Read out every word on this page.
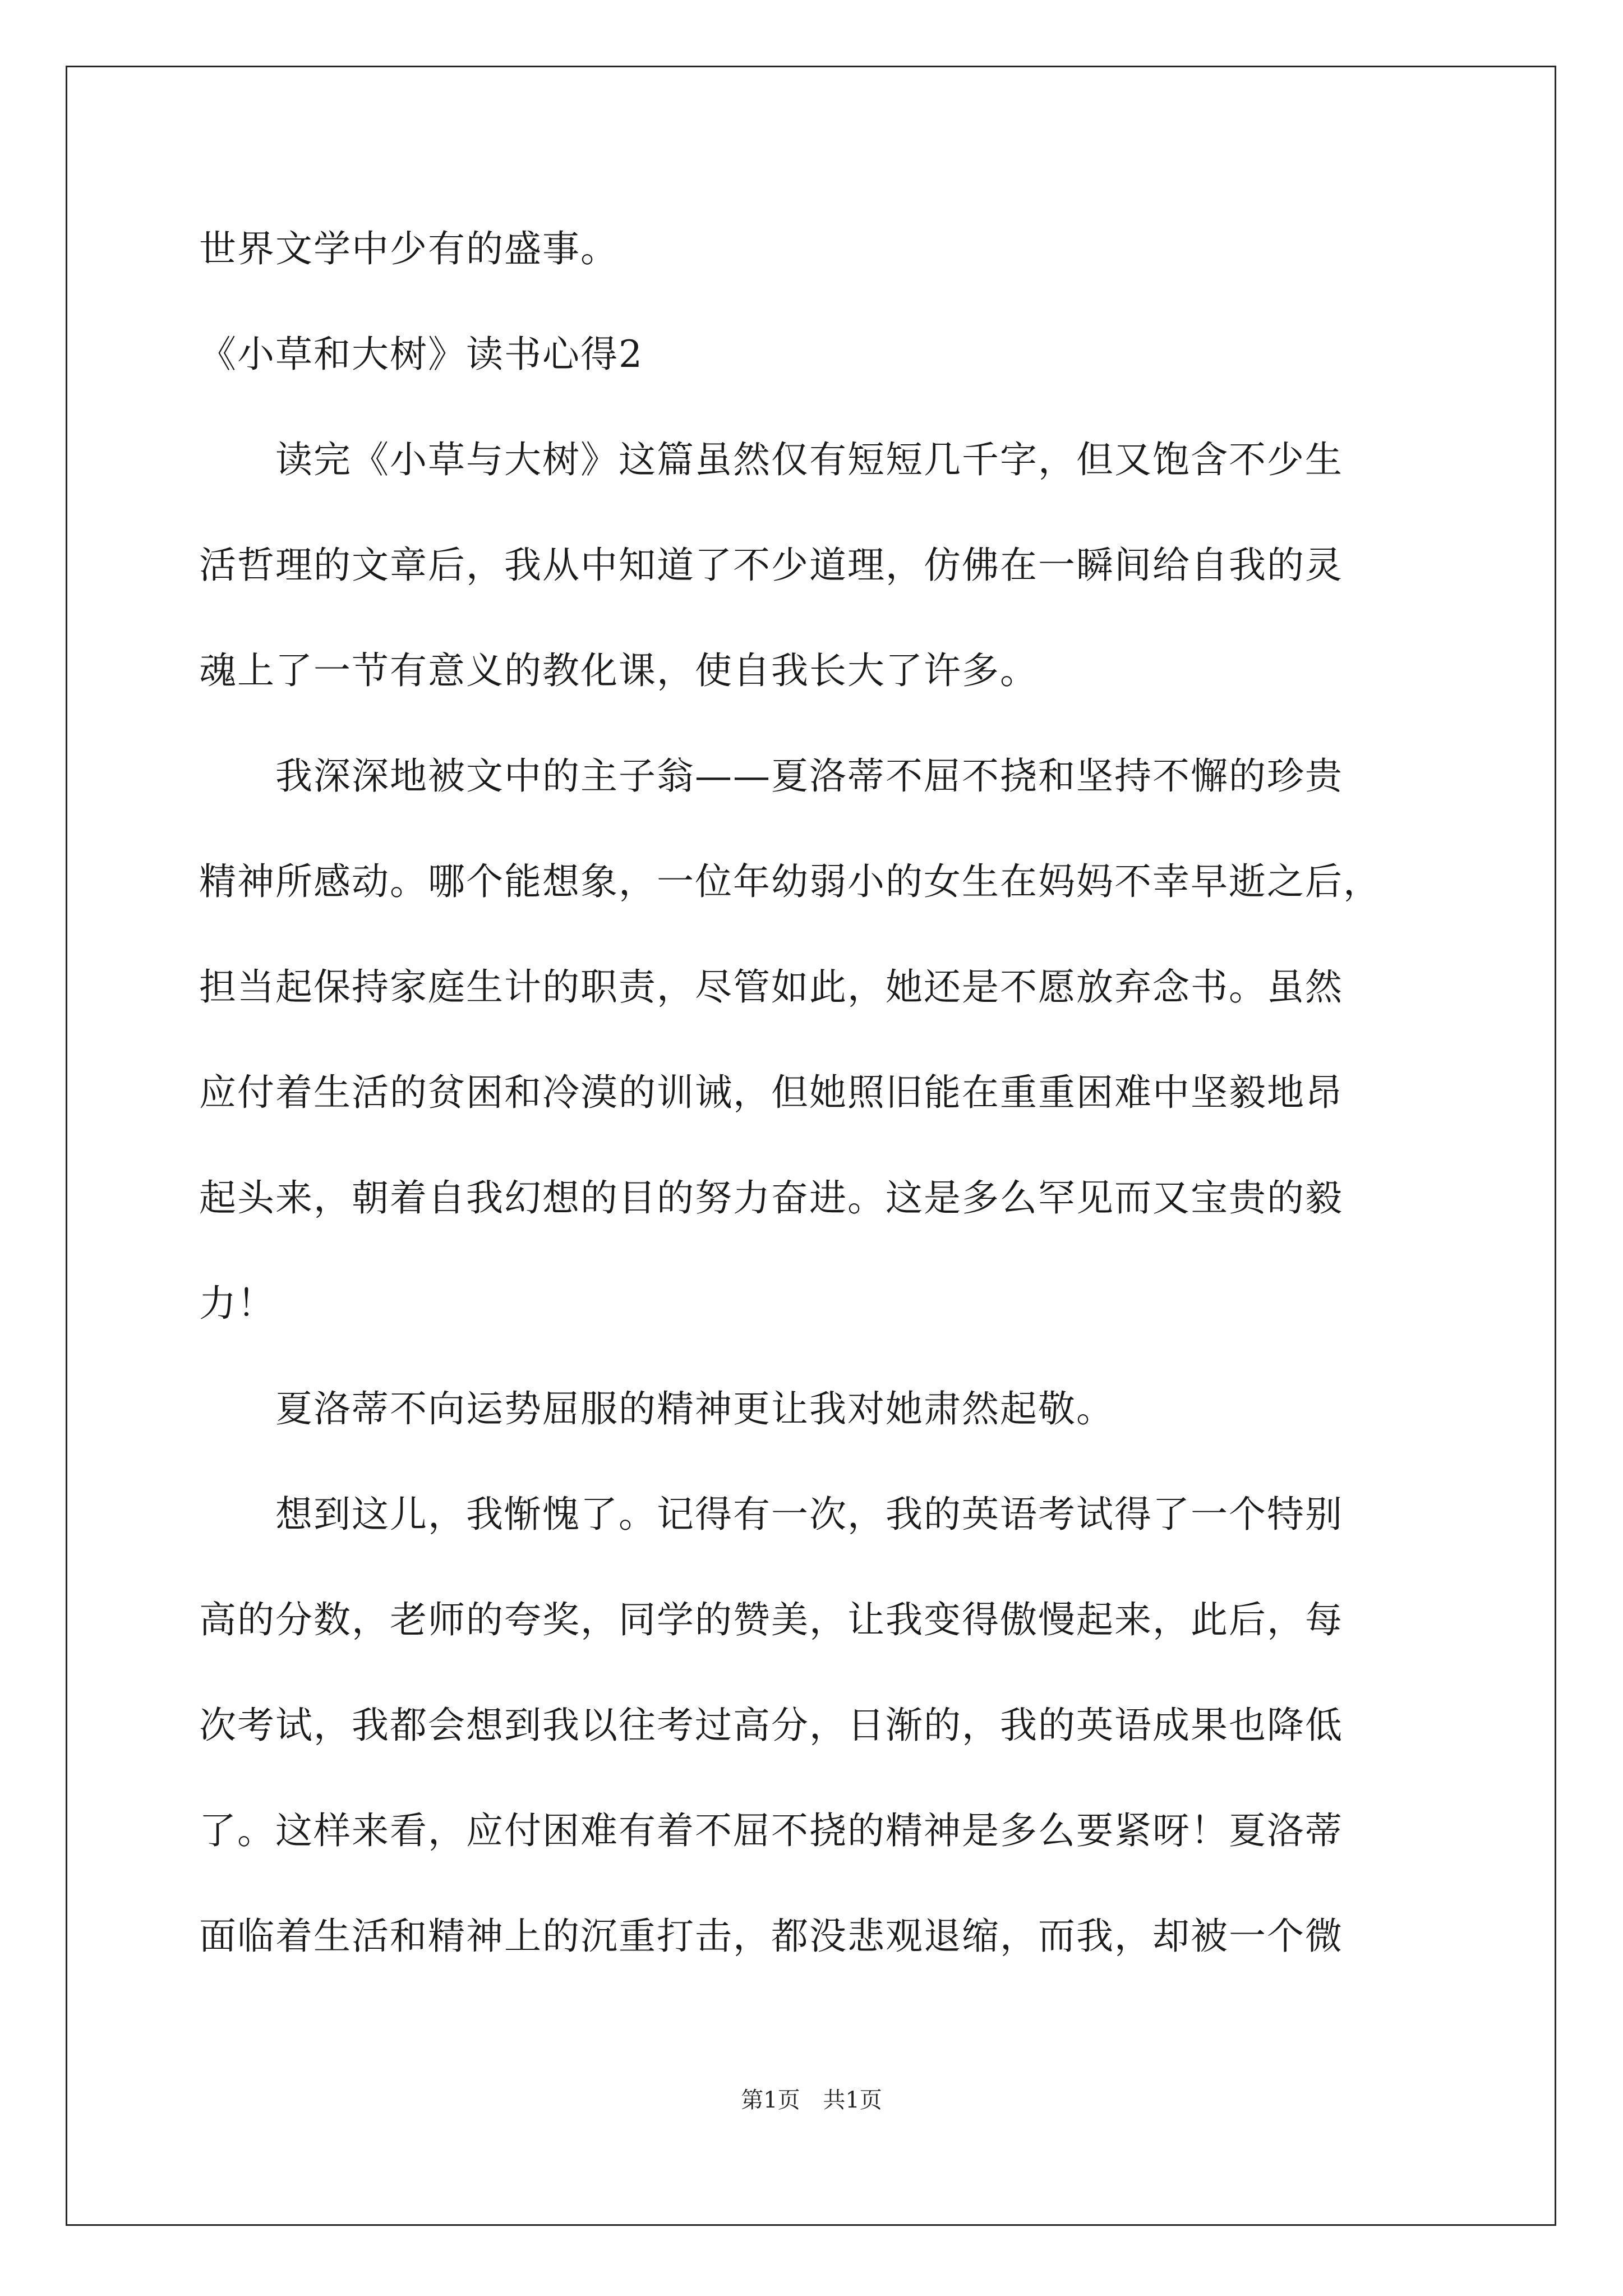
世界文学中少有的盛事。
《小草和大树》读书心得2
　　读完《小草与大树》这篇虽然仅有短短几千字，但又饱含不少生
活哲理的文章后，我从中知道了不少道理，仿佛在一瞬间给自我的灵
魂上了一节有意义的教化课，使自我长大了许多。
　　我深深地被文中的主子翁——夏洛蒂不屈不挠和坚持不懈的珍贵
精神所感动。哪个能想象，一位年幼弱小的女生在妈妈不幸早逝之后，
担当起保持家庭生计的职责，尽管如此，她还是不愿放弃念书。虽然
应付着生活的贫困和冷漠的训诫，但她照旧能在重重困难中坚毅地昂
起头来，朝着自我幻想的目的努力奋进。这是多么罕见而又宝贵的毅
力！
　　夏洛蒂不向运势屈服的精神更让我对她肃然起敬。
　　想到这儿，我惭愧了。记得有一次，我的英语考试得了一个特别
高的分数，老师的夸奖，同学的赞美，让我变得傲慢起来，此后，每
次考试，我都会想到我以往考过高分，日渐的，我的英语成果也降低
了。这样来看，应付困难有着不屈不挠的精神是多么要紧呀！夏洛蒂
面临着生活和精神上的沉重打击，都没悲观退缩，而我，却被一个微
第1页 共1页
